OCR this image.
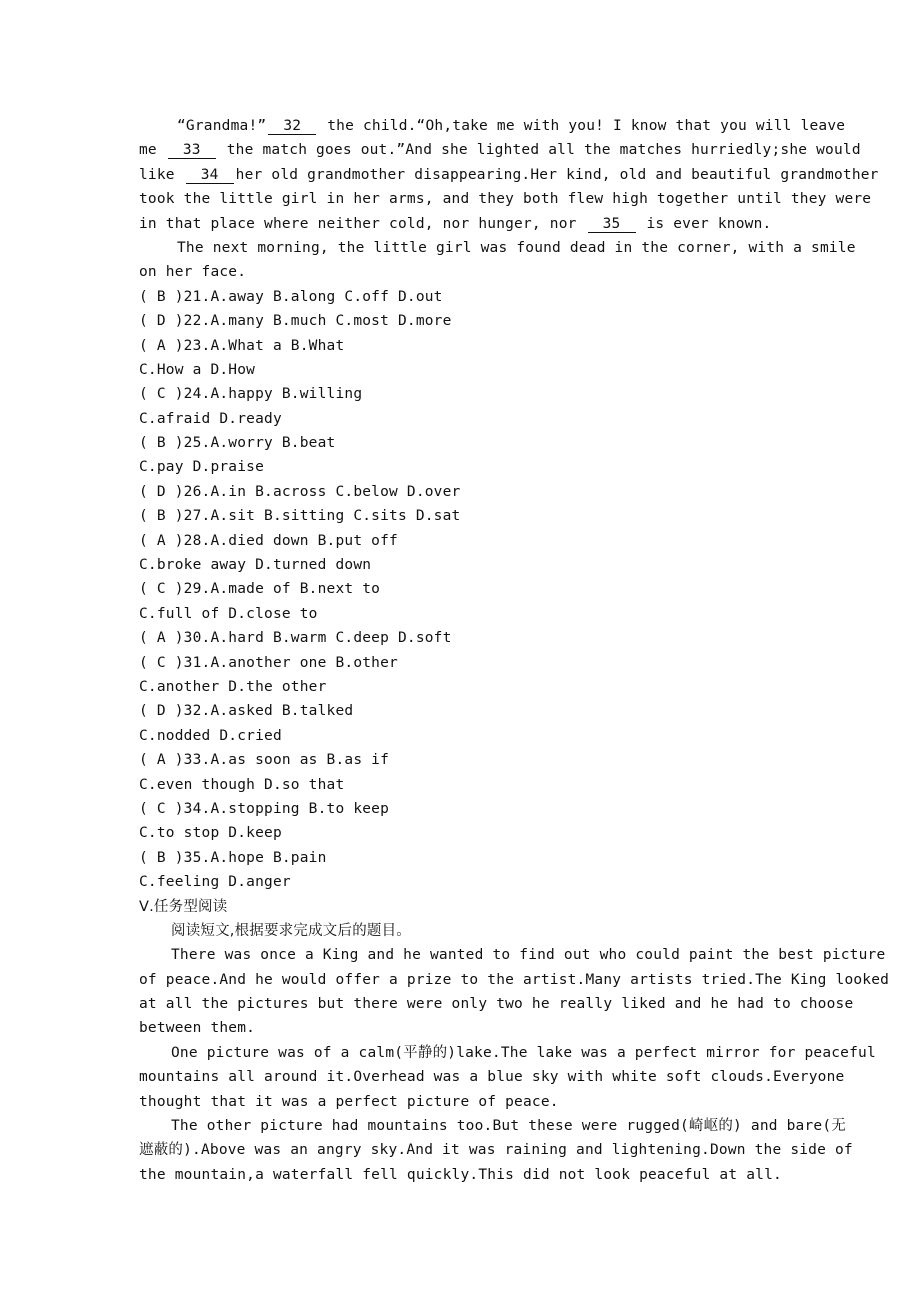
“Grandma!” 32 the child.“Oh,take me with you! I know that you will leave
me 33 the match goes out.”And she lighted all the matches hurriedly;she would
like 34 her old grandmother disappearing.Her kind, old and beautiful grandmother
took the little girl in her arms, and they both flew high together until they were
in that place where neither cold, nor hunger, nor 35 is ever known.
The next morning, the little girl was found dead in the corner, with a smile
on her face.
( B )21.A.away B.along C.off D.out
( D )22.A.many B.much C.most D.more
( A )23.A.What a B.What
C.How a D.How
( C )24.A.happy B.willing
C.afraid D.ready
( B )25.A.worry B.beat
C.pay D.praise
( D )26.A.in B.across C.below D.over
( B )27.A.sit B.sitting C.sits D.sat
( A )28.A.died down B.put off
C.broke away D.turned down
( C )29.A.made of B.next to
C.full of D.close to
( A )30.A.hard B.warm C.deep D.soft
( C )31.A.another one B.other
C.another D.the other
( D )32.A.asked B.talked
C.nodded D.cried
( A )33.A.as soon as B.as if
C.even though D.so that
( C )34.A.stopping B.to keep
C.to stop D.keep
( B )35.A.hope B.pain
C.feeling D.anger
Ⅴ.任务型阅读
阅读短文,根据要求完成文后的题目。
There was once a King and he wanted to find out who could paint the best picture
of peace.And he would offer a prize to the artist.Many artists tried.The King looked
at all the pictures but there were only two he really liked and he had to choose
between them.
One picture was of a calm(平静的)lake.The lake was a perfect mirror for peaceful
mountains all around it.Overhead was a blue sky with white soft clouds.Everyone
thought that it was a perfect picture of peace.
The other picture had mountains too.But these were rugged(崎岖的) and bare(无
遮蔽的).Above was an angry sky.And it was raining and lightening.Down the side of
the mountain,a waterfall fell quickly.This did not look peaceful at all.
